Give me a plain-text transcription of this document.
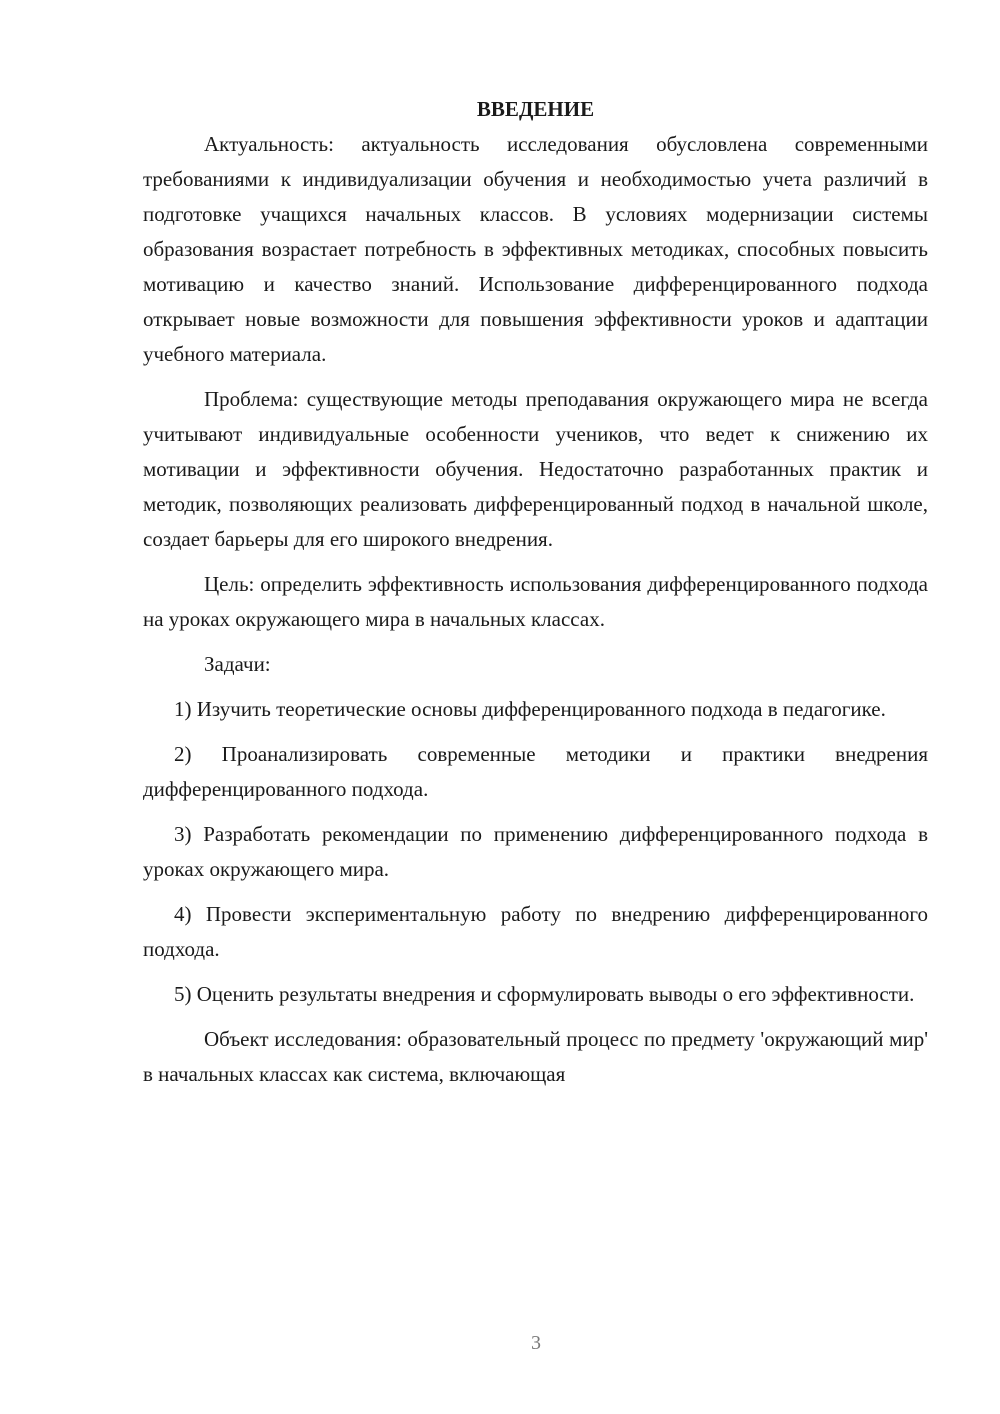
ВВЕДЕНИЕ

Актуальность: актуальность исследования обусловлена современными требованиями к индивидуализации обучения и необходимостью учета различий в подготовке учащихся начальных классов. В условиях модернизации системы образования возрастает потребность в эффективных методиках, способных повысить мотивацию и качество знаний. Использование дифференцированного подхода открывает новые возможности для повышения эффективности уроков и адаптации учебного материала.

Проблема: существующие методы преподавания окружающего мира не всегда учитывают индивидуальные особенности учеников, что ведет к снижению их мотивации и эффективности обучения. Недостаточно разработанных практик и методик, позволяющих реализовать дифференцированный подход в начальной школе, создает барьеры для его широкого внедрения.

Цель: определить эффективность использования дифференцированного подхода на уроках окружающего мира в начальных классах.

Задачи:

1) Изучить теоретические основы дифференцированного подхода в педагогике.

2) Проанализировать современные методики и практики внедрения дифференцированного подхода.

3) Разработать рекомендации по применению дифференцированного подхода в уроках окружающего мира.

4) Провести экспериментальную работу по внедрению дифференцированного подхода.

5) Оценить результаты внедрения и сформулировать выводы о его эффективности.

Объект исследования: образовательный процесс по предмету 'окружающий мир' в начальных классах как система, включающая

3
